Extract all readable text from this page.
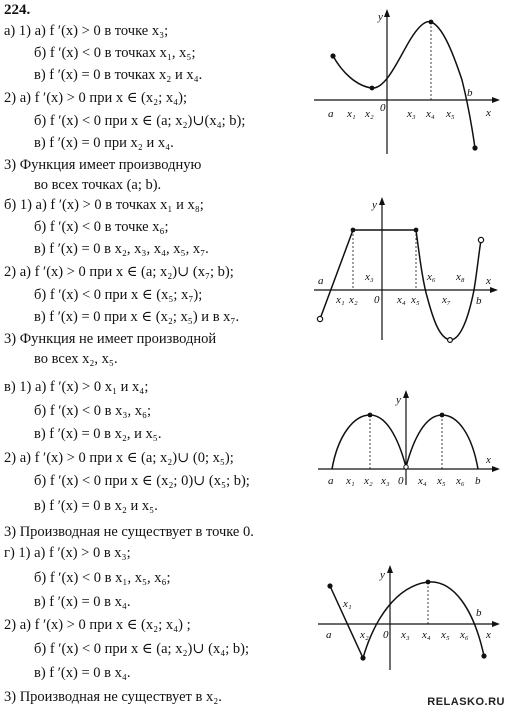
224.
а) 1) а) f ′(x) > 0 в точке x₃;
б) f ′(x) < 0 в точках x₁, x₅;
в) f ′(x) = 0 в точках x₂ и x₄.
2) а) f ′(x) > 0 при x ∈ (x₂; x₄);
б) f ′(x) < 0 при x ∈ (a; x₂)∪(x₄; b);
в) f ′(x) = 0 при x₂ и x₄.
3) Функция имеет производную
во всех точках (a; b).
б) 1) а) f ′(x) > 0 в точках x₁ и x₈;
б) f ′(x) < 0 в точке x₆;
в) f ′(x) = 0 в x₂, x₃, x₄, x₅, x₇.
2) а) f ′(x) > 0 при x ∈ (a; x₂)∪ (x₇; b);
б) f ′(x) < 0 при x ∈ (x₅; x₇);
в) f ′(x) = 0 при x ∈ (x₂; x₅) и в x₇.
3) Функция не имеет производной
во всех x₂, x₅.
в) 1) а) f ′(x) > 0 x₁ и x₄;
б) f ′(x) < 0 в x₃, x₆;
в) f ′(x) = 0 в x₂, и x₅.
2) а) f ′(x) > 0 при x ∈ (a; x₂)∪ (0; x₅);
б) f ′(x) < 0 при x ∈ (x₂; 0)∪ (x₅; b);
в) f ′(x) = 0 в x₂ и x₅.
3) Производная не существует в точке 0.
г) 1) а) f ′(x) > 0 в x₃;
б) f ′(x) < 0 в x₁, x₅, x₆;
в) f ′(x) = 0 в x₄.
2) а) f ′(x) > 0 при x ∈ (x₂; x₄) ;
б) f ′(x) < 0 при x ∈ (a; x₂)∪ (x₄; b);
в) f ′(x) = 0 в x₄.
3) Производная не существует в x₂.
y
x
a x₁ x₂ 0 x₃ x₄ x₅
b
y
x
a
b
x₃	x₆ x₈
x₁ x₂ 0 x₄ x₅ x₇
y
x
a x₁ x₂ x₃ 0 x₄ x₅ x₆ b
y
x
x₁
b
a	x₂ 0 x₃ x₄ x₅ x₆
RELASKO.RU
